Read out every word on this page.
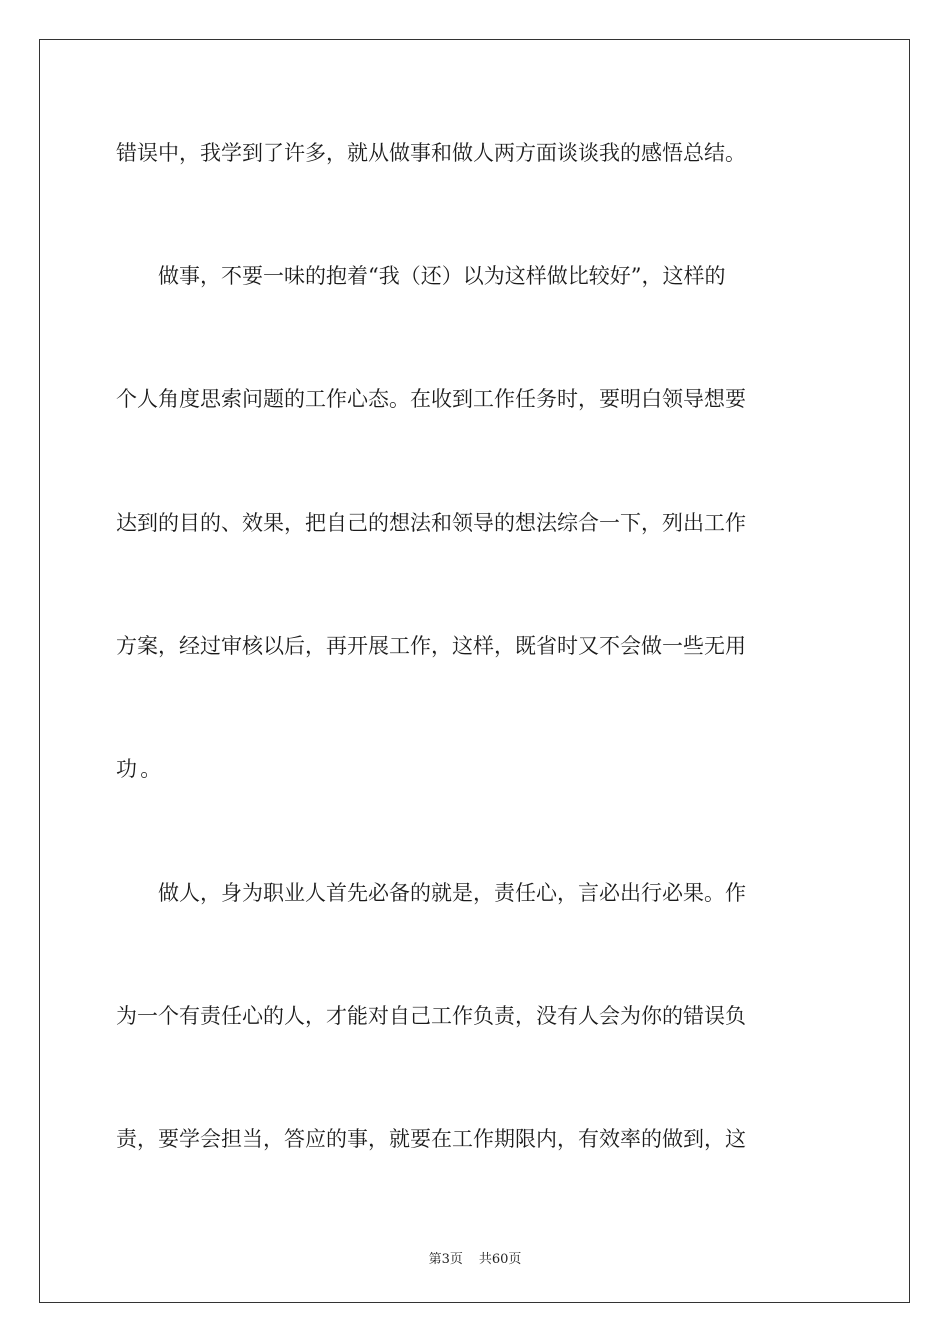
错误中，我学到了许多，就从做事和做人两方面谈谈我的感悟总结。
　　做事，不要一味的抱着“我（还）以为这样做比较好”，这样的
个人角度思索问题的工作心态。在收到工作任务时，要明白领导想要
达到的目的、效果，把自己的想法和领导的想法综合一下，列出工作
方案，经过审核以后，再开展工作，这样，既省时又不会做一些无用
功。
　　做人，身为职业人首先必备的就是，责任心，言必出行必果。作
为一个有责任心的人，才能对自己工作负责，没有人会为你的错误负
责，要学会担当，答应的事，就要在工作期限内，有效率的做到，这
第3页 共60页
